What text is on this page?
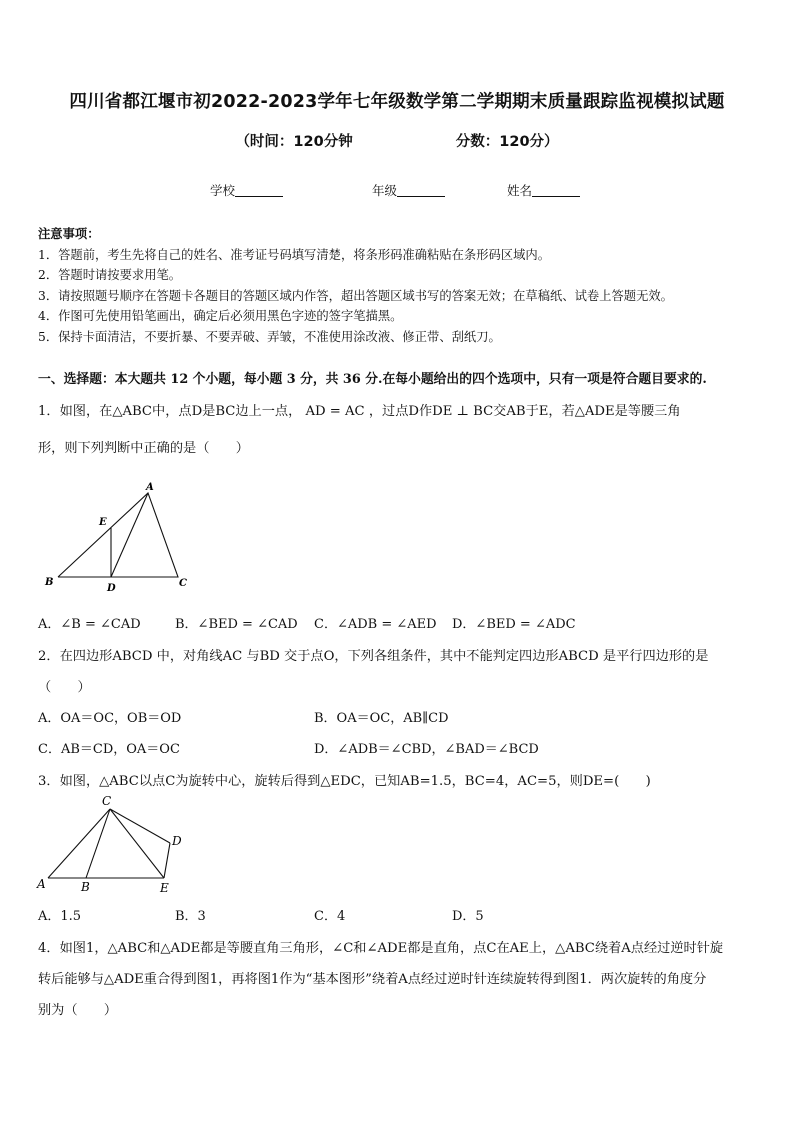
四川省都江堰市初2022-2023学年七年级数学第二学期期末质量跟踪监视模拟试题
（时间：120分钟	分数：120分）
学校	年级	姓名
注意事项：
1．答题前，考生先将自己的姓名、准考证号码填写清楚，将条形码准确粘贴在条形码区域内。
2．答题时请按要求用笔。
3．请按照题号顺序在答题卡各题目的答题区域内作答，超出答题区域书写的答案无效；在草稿纸、试卷上答题无效。
4．作图可先使用铅笔画出，确定后必须用黑色字迹的签字笔描黑。
5．保持卡面清洁，不要折暴、不要弄破、弄皱，不准使用涂改液、修正带、刮纸刀。
一、选择题：本大题共 12 个小题，每小题 3 分，共 36 分.在每小题给出的四个选项中，只有一项是符合题目要求的.
1．如图，在△ABC中，点D是BC边上一点， AD = AC ，过点D作DE ⊥ BC交AB于E，若△ADE是等腰三角
形，则下列判断中正确的是（　　）
A
B	C
D
E
A．∠B = ∠CAD	B．∠BED = ∠CAD C．∠ADB = ∠AED D．∠BED = ∠ADC
2．在四边形ABCD 中，对角线AC 与BD 交于点O，下列各组条件，其中不能判定四边形ABCD 是平行四边形的是
（　　）
A．OA＝OC，OB＝OD	B．OA＝OC，AB∥CD
C．AB＝CD，OA＝OC	D．∠ADB＝∠CBD，∠BAD＝∠BCD
3．如图，△ABC以点C为旋转中心，旋转后得到△EDC，已知AB=1.5，BC=4，AC=5，则DE=(　　)
C
A	B
D
E
A．1.5	B．3	C．4	D．5
4．如图1，△ABC和△ADE都是等腰直角三角形，∠C和∠ADE都是直角，点C在AE上，△ABC绕着A点经过逆时针旋
转后能够与△ADE重合得到图1，再将图1作为“基本图形”绕着A点经过逆时针连续旋转得到图1．两次旋转的角度分
别为（　　）
